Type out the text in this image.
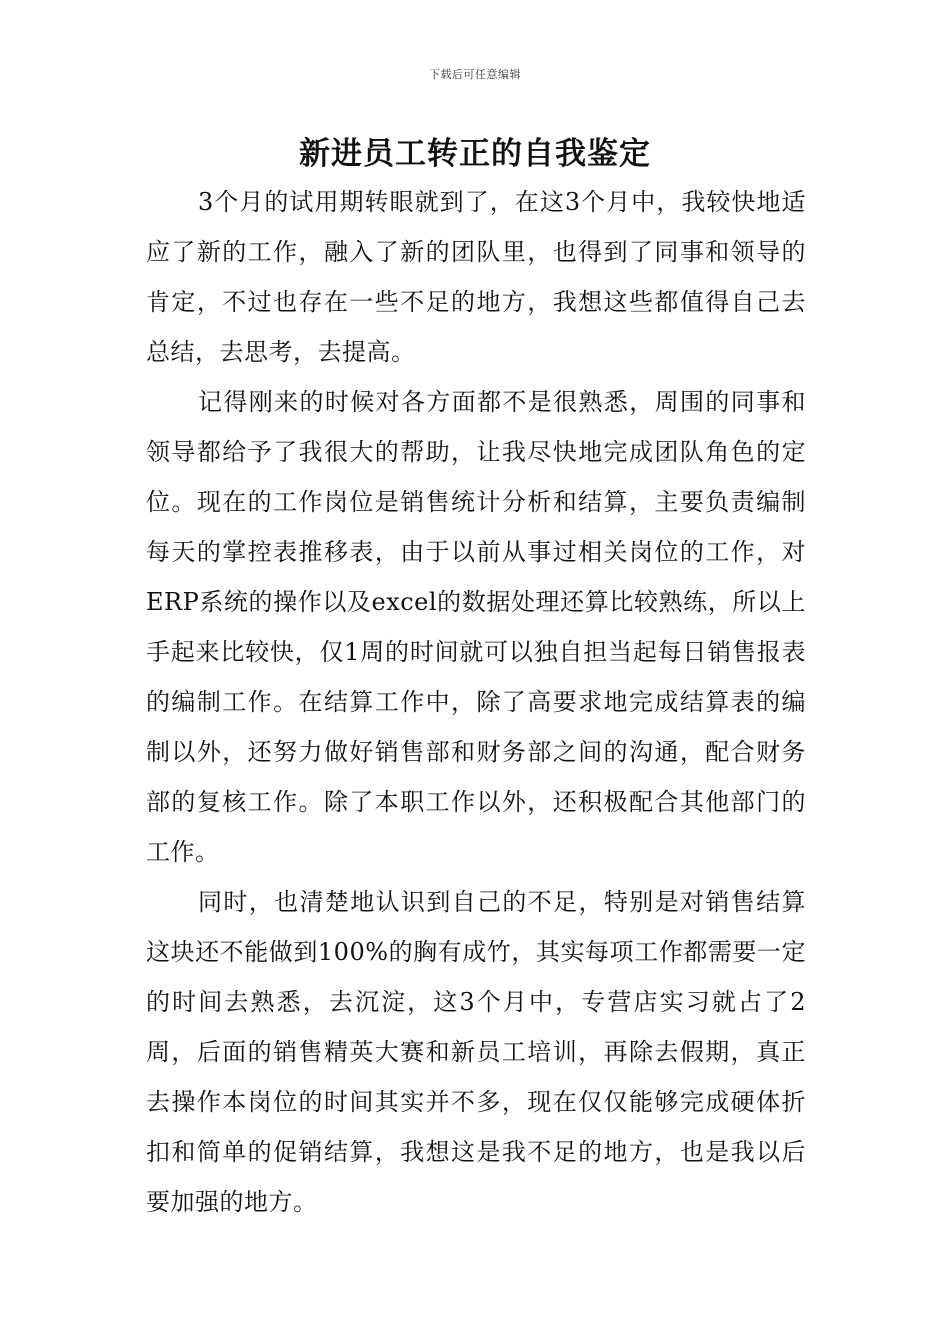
下载后可任意编辑
新进员工转正的自我鉴定

3个月的试用期转眼就到了，在这3个月中，我较快地适应了新的工作，融入了新的团队里，也得到了同事和领导的肯定，不过也存在一些不足的地方，我想这些都值得自己去总结，去思考，去提高。

记得刚来的时候对各方面都不是很熟悉，周围的同事和领导都给予了我很大的帮助，让我尽快地完成团队角色的定位。现在的工作岗位是销售统计分析和结算，主要负责编制每天的掌控表推移表，由于以前从事过相关岗位的工作，对ERP系统的操作以及excel的数据处理还算比较熟练，所以上手起来比较快，仅1周的时间就可以独自担当起每日销售报表的编制工作。在结算工作中，除了高要求地完成结算表的编制以外，还努力做好销售部和财务部之间的沟通，配合财务部的复核工作。除了本职工作以外，还积极配合其他部门的工作。

同时，也清楚地认识到自己的不足，特别是对销售结算这块还不能做到100%的胸有成竹，其实每项工作都需要一定的时间去熟悉，去沉淀，这3个月中，专营店实习就占了2周，后面的销售精英大赛和新员工培训，再除去假期，真正去操作本岗位的时间其实并不多，现在仅仅能够完成硬体折扣和简单的促销结算，我想这是我不足的地方，也是我以后要加强的地方。
